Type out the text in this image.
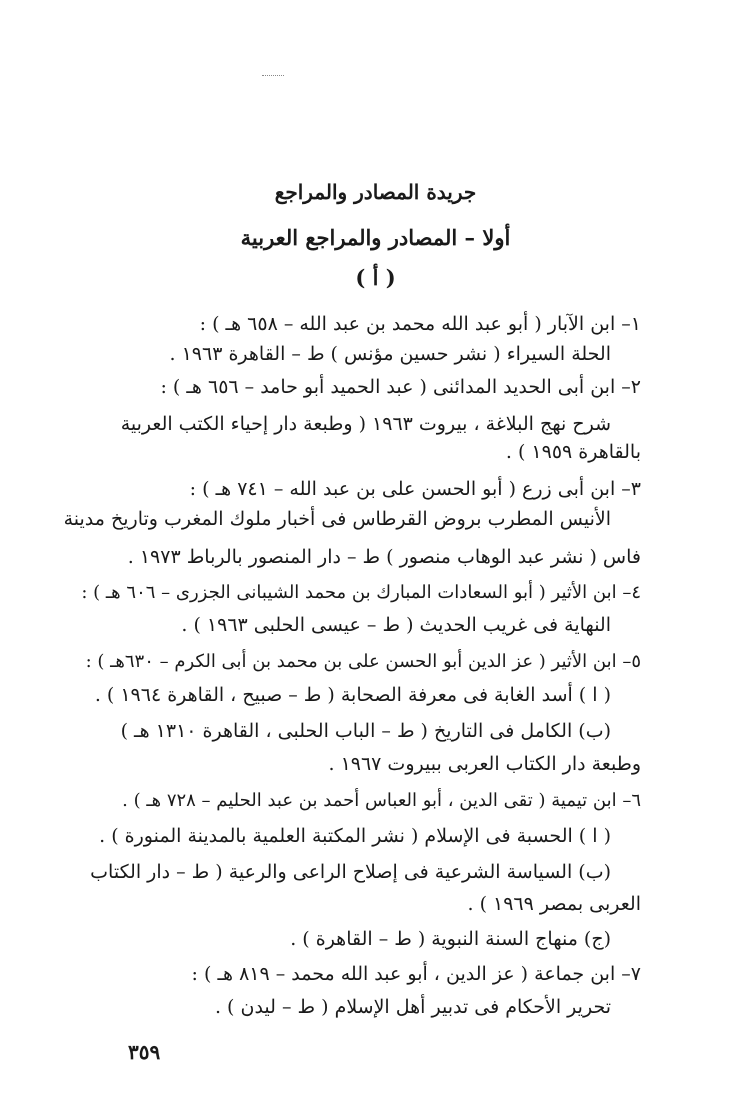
جريدة المصادر والمراجع
أولا – المصادر والمراجع العربية
( أ )
١– ابن الآبار ( أبو عبد الله محمد بن عبد الله – ٦٥٨ هـ ) :
الحلة السيراء ( نشر حسين مؤنس ) ط – القاهرة ١٩٦٣ .
٢– ابن أبى الحديد المدائنى ( عبد الحميد أبو حامد – ٦٥٦ هـ ) :
شرح نهج البلاغة ، بيروت ١٩٦٣ ( وطبعة دار إحياء الكتب العربية
بالقاهرة ١٩٥٩ ) .
٣– ابن أبى زرع ( أبو الحسن على بن عبد الله – ٧٤١ هـ ) :
الأنيس المطرب بروض القرطاس فى أخبار ملوك المغرب وتاريخ مدينة
فاس ( نشر عبد الوهاب منصور ) ط – دار المنصور بالرباط ١٩٧٣ .
٤– ابن الأثير ( أبو السعادات المبارك بن محمد الشيبانى الجزرى – ٦٠٦ هـ ) :
النهاية فى غريب الحديث ( ط – عيسى الحلبى ١٩٦٣ ) .
٥– ابن الأثير ( عز الدين أبو الحسن على بن محمد بن أبى الكرم – ٦٣٠هـ ) :
( ا ) أسد الغابة فى معرفة الصحابة ( ط – صبيح ، القاهرة ١٩٦٤ ) .
(ب) الكامل فى التاريخ ( ط – الباب الحلبى ، القاهرة ١٣١٠ هـ )
وطبعة دار الكتاب العربى ببيروت ١٩٦٧ .
٦– ابن تيمية ( تقى الدين ، أبو العباس أحمد بن عبد الحليم – ٧٢٨ هـ ) .
( ا ) الحسبة فى الإسلام ( نشر المكتبة العلمية بالمدينة المنورة ) .
(ب) السياسة الشرعية فى إصلاح الراعى والرعية ( ط – دار الكتاب
العربى بمصر ١٩٦٩ ) .
(ج) منهاج السنة النبوية ( ط – القاهرة ) .
٧– ابن جماعة ( عز الدين ، أبو عبد الله محمد – ٨١٩ هـ ) :
تحرير الأحكام فى تدبير أهل الإسلام ( ط – ليدن ) .
٣٥٩
